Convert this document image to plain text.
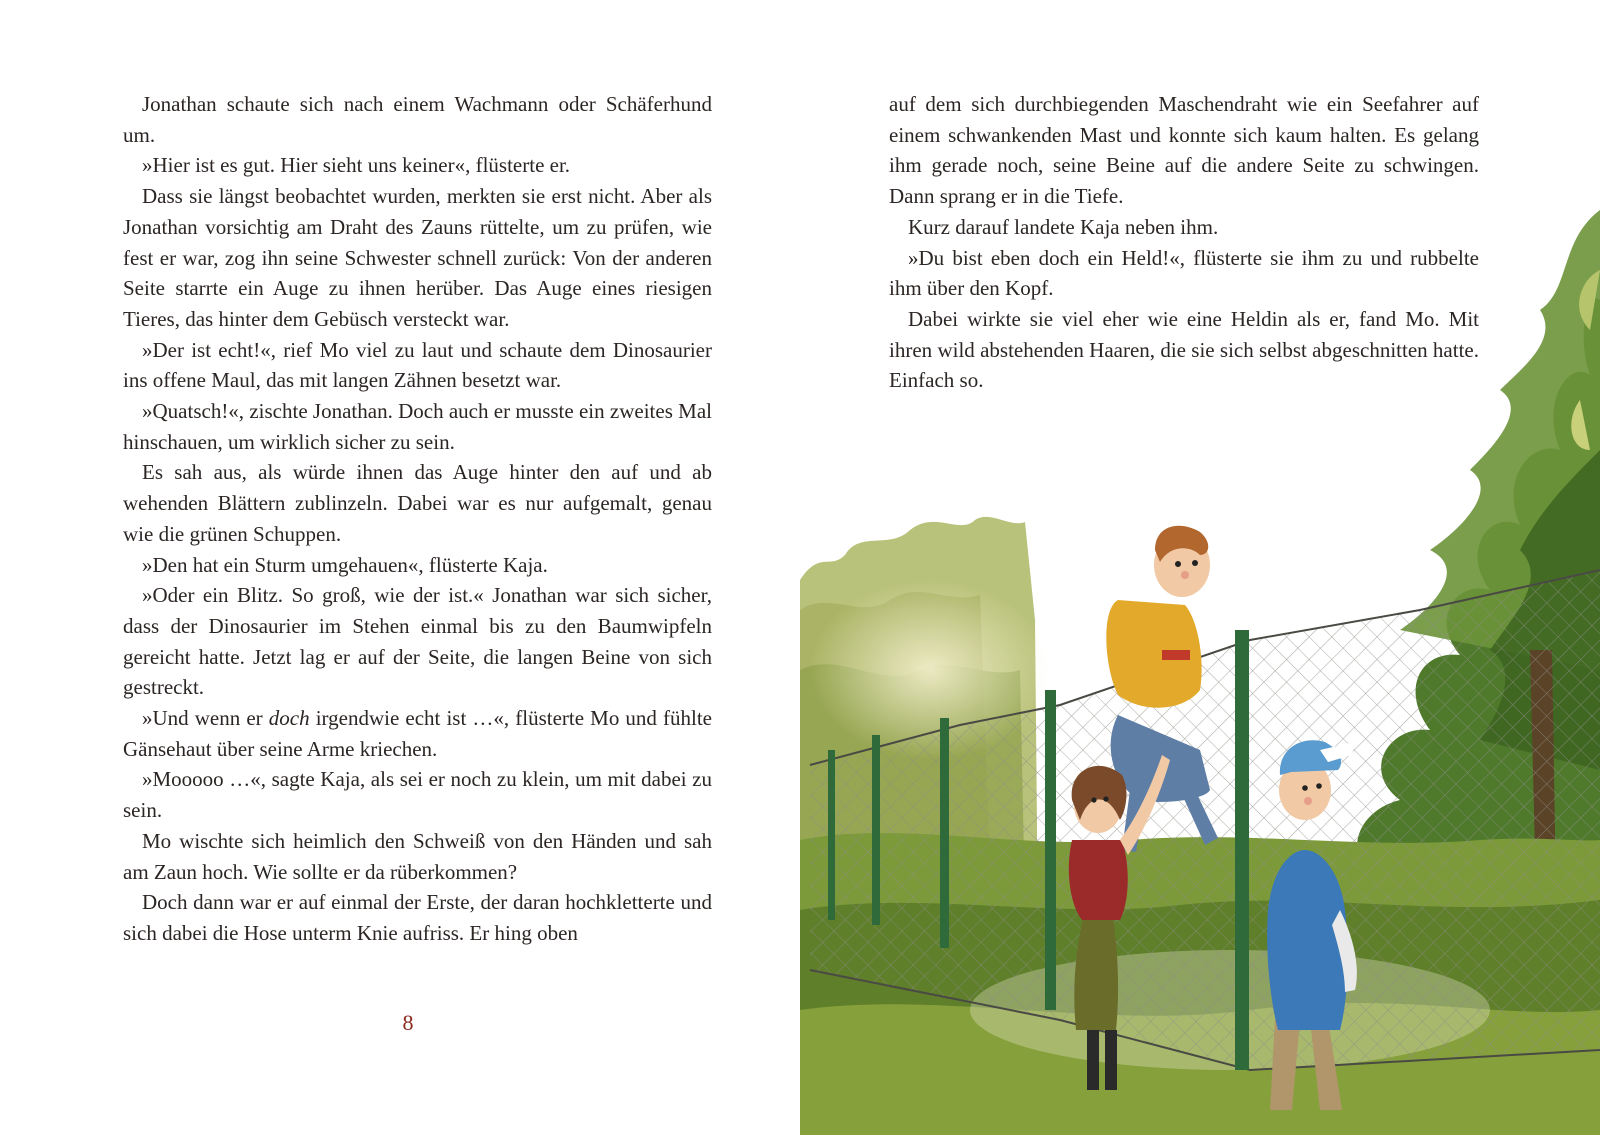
Jonathan schaute sich nach einem Wachmann oder Schäferhund um.

»Hier ist es gut. Hier sieht uns keiner«, flüsterte er.

Dass sie längst beobachtet wurden, merkten sie erst nicht. Aber als Jonathan vorsichtig am Draht des Zauns rüttelte, um zu prüfen, wie fest er war, zog ihn seine Schwester schnell zurück: Von der anderen Seite starrte ein Auge zu ihnen herüber. Das Auge eines riesigen Tieres, das hinter dem Gebüsch versteckt war.

»Der ist echt!«, rief Mo viel zu laut und schaute dem Dinosaurier ins offene Maul, das mit langen Zähnen besetzt war.

»Quatsch!«, zischte Jonathan. Doch auch er musste ein zweites Mal hinschauen, um wirklich sicher zu sein.

Es sah aus, als würde ihnen das Auge hinter den auf und ab wehenden Blättern zublinzeln. Dabei war es nur aufgemalt, genau wie die grünen Schuppen.

»Den hat ein Sturm umgehauen«, flüsterte Kaja.

»Oder ein Blitz. So groß, wie der ist.« Jonathan war sich sicher, dass der Dinosaurier im Stehen einmal bis zu den Baumwipfeln gereicht hatte. Jetzt lag er auf der Seite, die langen Beine von sich gestreckt.

»Und wenn er doch irgendwie echt ist …«, flüsterte Mo und fühlte Gänsehaut über seine Arme kriechen.

»Mooooo …«, sagte Kaja, als sei er noch zu klein, um mit dabei zu sein.

Mo wischte sich heimlich den Schweiß von den Händen und sah am Zaun hoch. Wie sollte er da rüberkommen?

Doch dann war er auf einmal der Erste, der daran hochkletterte und sich dabei die Hose unterm Knie aufriss. Er hing oben

8

auf dem sich durchbiegenden Maschendraht wie ein Seefahrer auf einem schwankenden Mast und konnte sich kaum halten. Es gelang ihm gerade noch, seine Beine auf die andere Seite zu schwingen. Dann sprang er in die Tiefe.

Kurz darauf landete Kaja neben ihm.

»Du bist eben doch ein Held!«, flüsterte sie ihm zu und rubbelte ihm über den Kopf.

Dabei wirkte sie viel eher wie eine Heldin als er, fand Mo. Mit ihren wild abstehenden Haaren, die sie sich selbst abgeschnitten hatte. Einfach so.
